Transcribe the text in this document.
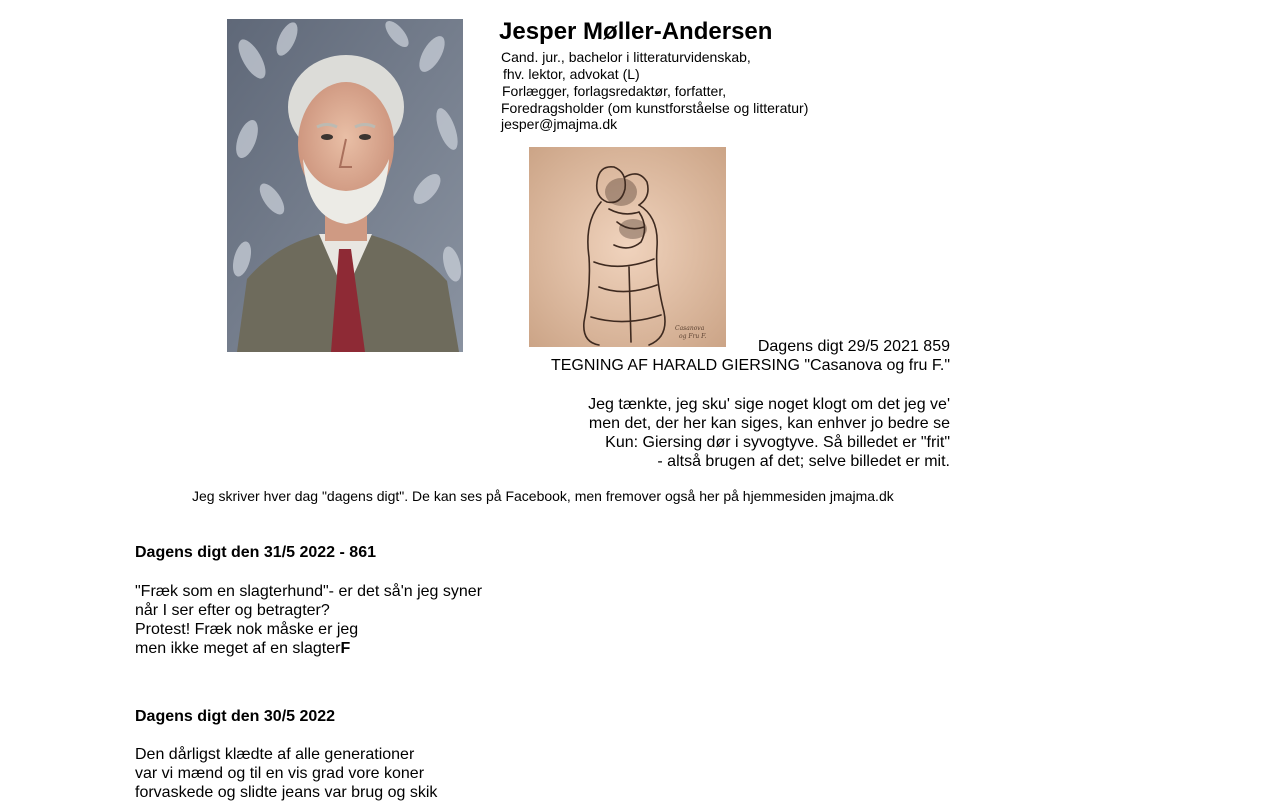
Jesper Møller-Andersen
Cand. jur., bachelor i litteraturvidenskab,
fhv. lektor, advokat (L)
Forlægger, forlagsredaktør, forfatter,
Foredragsholder (om kunstforståelse og litteratur)
jesper@jmajma.dk
Casanova
og Fru F.
Dagens digt 29/5 2021 859
TEGNING AF HARALD GIERSING "Casanova og fru F."
Jeg tænkte, jeg sku' sige noget klogt om det jeg ve'
men det, der her kan siges, kan enhver jo bedre se
Kun: Giersing dør i syvogtyve. Så billedet er "frit"
- altså brugen af det; selve billedet er mit.
Jeg skriver hver dag "dagens digt". De kan ses på Facebook, men fremover også her på hjemmesiden jmajma.dk
Dagens digt den 31/5 2022 - 861
"Fræk som en slagterhund"- er det så'n jeg syner
når I ser efter og betragter?
Protest! Fræk nok måske er jeg
men ikke meget af en slagterF
Dagens digt den 30/5 2022
Den dårligst klædte af alle generationer
var vi mænd og til en vis grad vore koner
forvaskede og slidte jeans var brug og skik
